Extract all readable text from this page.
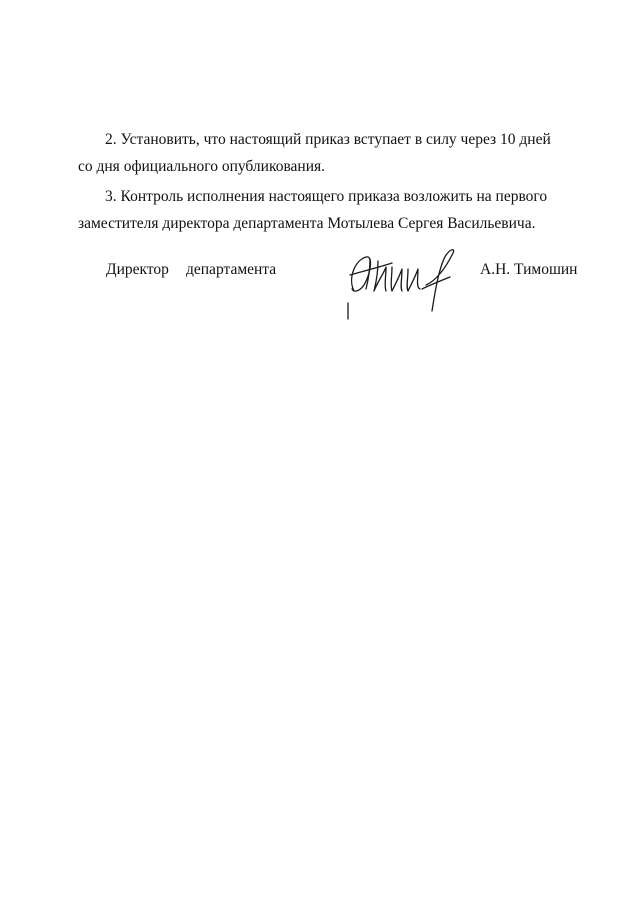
2. Установить, что настоящий приказ вступает в силу через 10 дней
со дня официального опубликования.
3. Контроль исполнения настоящего приказа возложить на первого
заместителя директора департамента Мотылева Сергея Васильевича.
Директор департамента	А.Н. Тимошин
